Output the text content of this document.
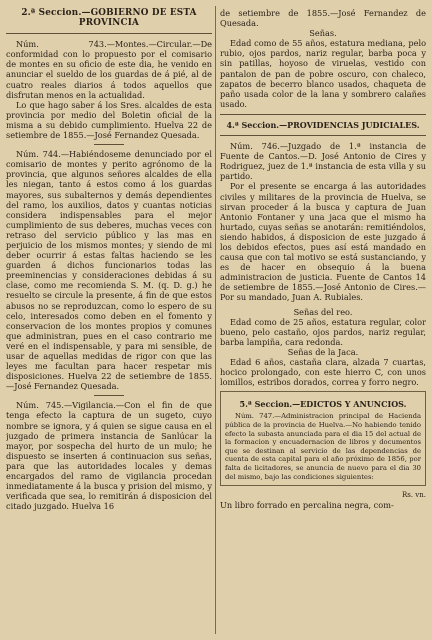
2.ª Seccion.—GOBIERNO DE ESTA PROVINCIA

Núm. 743.—Montes.—Circular.—De conformidad con lo propuesto por el comisario de montes en su oficio de este dia, he venido en anunciar el sueldo de los guardas de á pié, al de cuatro reales diarios á todos aquellos que disfrutan menos en la actualidad.

Lo que hago saber á los Sres. alcaldes de esta provincia por medio del Boletin oficial de la misma a su debido cumplimiento. Huelva 22 de setiembre de 1855.—José Fernandez Quesada.

Núm. 744.—Habiéndoseme denunciado por el comisario de montes y perito agrónomo de la provincia, que algunos señores alcaldes de ella les niegan, tanto á estos como á los guardas mayores, sus subalternos y demás dependientes del ramo, los auxilios, datos y cuantas noticias considera indispensables para el mejor cumplimiento de sus deberes, muchas veces con retraso del servicio público y las mas en perjuicio de los mismos montes; y siendo de mi deber ocurrir á estas faltas haciendo se les guarden á dichos funcionarios todas las preeminencias y consideraciones debidas á su clase, como me recomienda S. M. (q. D. g.) he resuelto se circule la presente, á fin de que estos abusos no se reproduzcan, como lo espero de su celo, interesados como deben en el fomento y conservacion de los montes propios y comunes que administran, pues en el caso contrario me veré en el indispensable, y para mi sensible, de usar de aquellas medidas de rigor con que las leyes me facultan para hacer respetar mis disposiciones. Huelva 22 de setiembre de 1855.—José Fernandez Quesada.

Núm. 745.—Vigilancia.—Con el fin de que tenga efecto la captura de un sugeto, cuyo nombre se ignora, y á quien se sigue causa en el juzgado de primera instancia de Sanlúcar la mayor, por sospecha del hurto de un mulo; he dispuesto se inserten á continuacion sus señas, para que las autoridades locales y demas encargados del ramo de vigilancia procedan inmediatamente á la busca y prision del mismo, y verificada que sea, lo remitirán á disposicion del citado juzgado. Huelva 16

de setiembre de 1855.—José Fernandez de Quesada.

Señas.

Edad como de 55 años, estatura mediana, pelo rubio, ojos pardos, nariz regular, barba poca y sin patillas, hoyoso de viruelas, vestido con pantalon de pan de pobre oscuro, con chaleco, zapatos de becerro blanco usados, chaqueta de paño usada color de la lana y sombrero calañes usado.

4.ª Seccion.—PROVIDENCIAS JUDICIALES.

Núm. 746.—Juzgado de 1.ª instancia de Fuente de Cantos.—D. José Antonio de Cires y Rodriguez, juez de 1.ª instancia de esta villa y su partido.

Por el presente se encarga á las autoridades civiles y militares de la provincia de Huelva, se sirvan proceder á la busca y captura de Juan Antonio Fontaner y una jaca que el mismo ha hurtado, cuyas señas se anotarán: remitiéndolos, siendo habidos, á disposicion de este juzgado á los debidos efectos, pues así está mandado en causa que con tal motivo se está sustanciando, y es de hacer en obsequio á la buena administracion de justicia. Fuente de Cantos 14 de setiembre de 1855.—José Antonio de Cires.—Por su mandado, Juan A. Rubiales.

Señas del reo.

Edad como de 25 años, estatura regular, color bueno, pelo castaño, ojos pardos, nariz regular, barba lampiña, cara redonda.

Señas de la Jaca.

Edad 6 años, castaña clara, alzada 7 cuartas, hocico prolongado, con este hierro C, con unos lomillos, estribos dorados, correa y forro negro.

5.ª Seccion.—EDICTOS Y ANUNCIOS.

Núm. 747.—Administracion principal de Hacienda pública de la provincia de Huelva.—No habiendo tenido efecto la subasta anunciada para el dia 15 del actual de la formacion y encuadernacion de libros y documentos que se destinan al servicio de las dependencias de cuenta de esta capital para el año próximo de 1856, por falta de licitadores, se anuncia de nuevo para el dia 30 del mismo, bajo las condiciones siguientes:

Rs. vn.

Un libro forrado en percalina negra, com-
